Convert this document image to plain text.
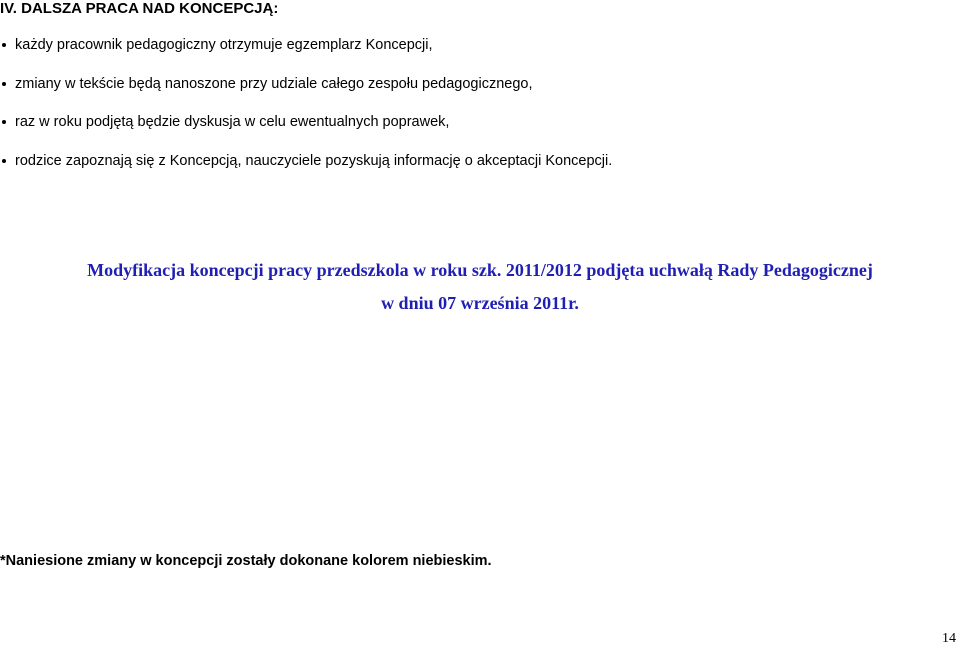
IV. DALSZA PRACA NAD KONCEPCJĄ:
każdy pracownik pedagogiczny otrzymuje egzemplarz Koncepcji,
zmiany w tekście będą nanoszone przy udziale całego zespołu pedagogicznego,
raz w roku podjętą będzie dyskusja w celu ewentualnych poprawek,
rodzice zapoznają się z Koncepcją, nauczyciele pozyskują informację o akceptacji Koncepcji.
Modyfikacja koncepcji pracy przedszkola w roku szk. 2011/2012 podjęta uchwałą Rady Pedagogicznej
w dniu 07 września 2011r.
*Naniesione zmiany w koncepcji zostały dokonane kolorem niebieskim.
14
